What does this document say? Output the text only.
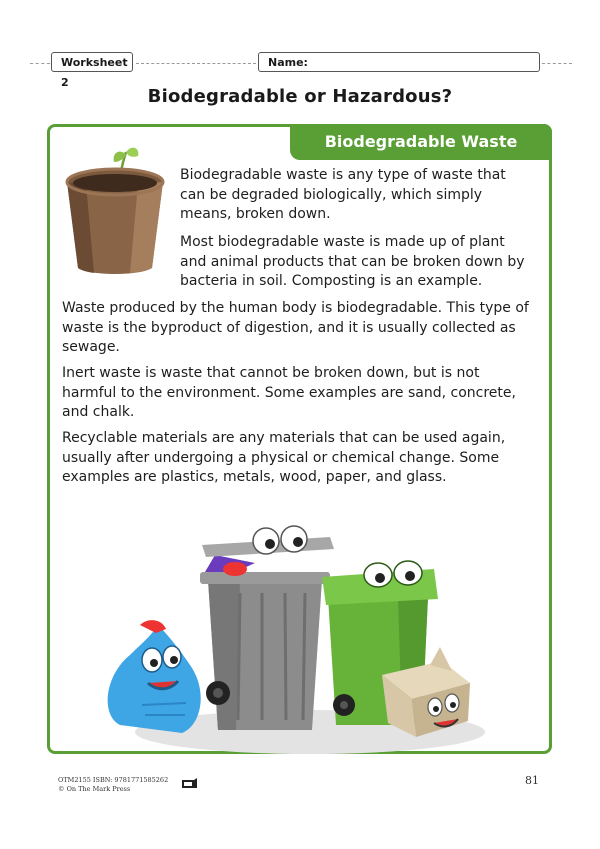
Worksheet 2
Name:
Biodegradable or Hazardous?
Biodegradable Waste

Biodegradable waste is any type of waste that can be degraded biologically, which simply means, broken down.

Most biodegradable waste is made up of plant and animal products that can be broken down by bacteria in soil. Composting is an example.

Waste produced by the human body is biodegradable. This type of waste is the byproduct of digestion, and it is usually collected as sewage.

Inert waste is waste that cannot be broken down, but is not harmful to the environment. Some examples are sand, concrete, and chalk.

Recyclable materials are any materials that can be used again, usually after undergoing a physical or chemical change. Some examples are plastics, metals, wood, paper, and glass.

OTM2155 ISBN: 9781771585262
© On The Mark Press
81
